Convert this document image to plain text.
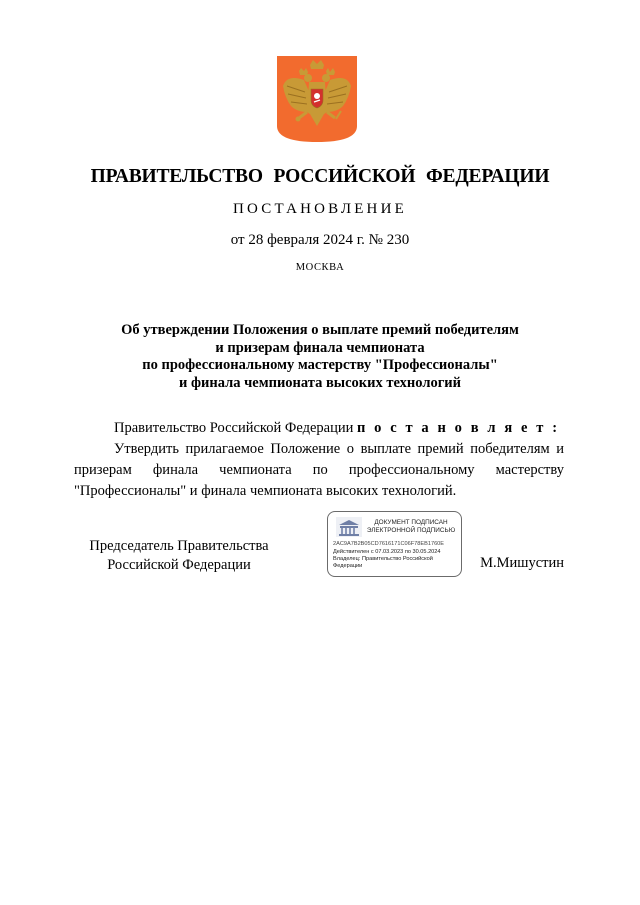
ПРАВИТЕЛЬСТВО РОССИЙСКОЙ ФЕДЕРАЦИИ
ПОСТАНОВЛЕНИЕ
от 28 февраля 2024 г. № 230
МОСКВА
Об утверждении Положения о выплате премий победителям
и призерам финала чемпионата
по профессиональному мастерству "Профессионалы"
и финала чемпионата высоких технологий
Правительство Российской Федерации п о с т а н о в л я е т :
Утвердить прилагаемое Положение о выплате премий победителям и призерам финала чемпионата по профессиональному мастерству "Профессионалы" и финала чемпионата высоких технологий.
Председатель Правительства
Российской Федерации
ДОКУМЕНТ ПОДПИСАН
ЭЛЕКТРОННОЙ ПОДПИСЬЮ
2AC9A7B2B05CD7616171C06F78EB1760E
Действителен с 07.03.2023 по 30.05.2024
Владелец: Правительство Российской Федерации	М.Мишустин
